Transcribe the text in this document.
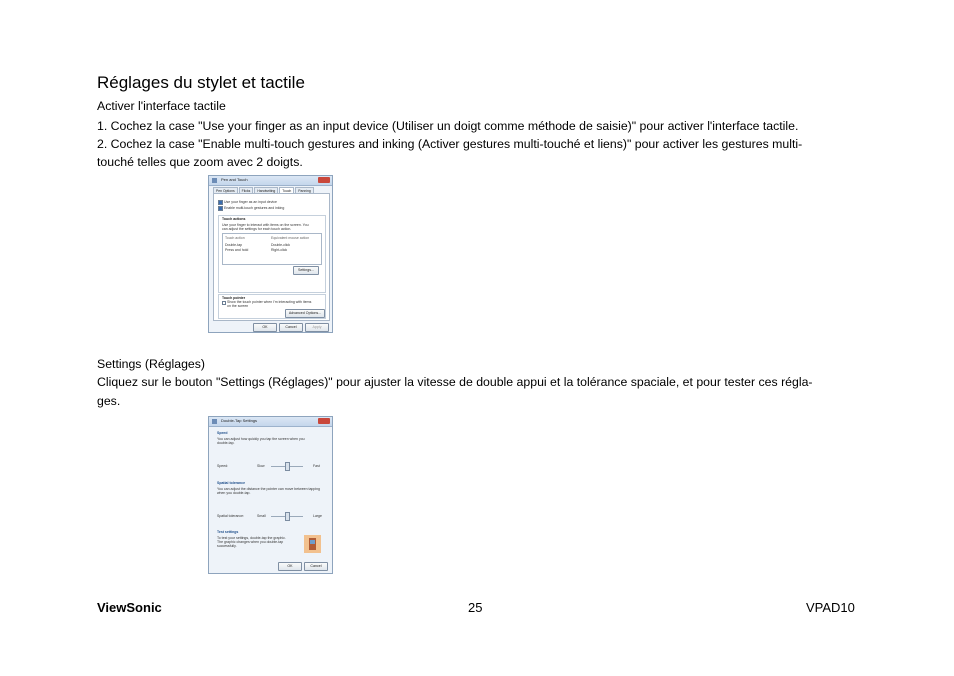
Réglages du stylet et tactile
Activer l'interface tactile
1. Cochez la case "Use your finger as an input device (Utiliser un doigt comme méthode de saisie)" pour activer l'interface tactile.
2. Cochez la case "Enable multi-touch gestures and inking (Activer gestures multi-touché et liens)" pour activer les gestures multi-
touché telles que zoom avec 2 doigts.
Pen and Touch
Pen Options	Flicks	Handwriting	Touch	Panning
Use your finger as an input device
Enable multi-touch gestures and inking
Touch actions
Use your finger to interact with items on the screen. You
can adjust the settings for each touch action.
Touch action	Equivalent mouse action
Double-tap	Double-click
Press and hold	Right-click
Settings...
Touch pointer
Show the touch pointer when I'm interacting with items
on the screen
Advanced Options...
OK	Cancel	Apply
Settings (Réglages)
Cliquez sur le bouton "Settings (Réglages)" pour ajuster la vitesse de double appui et la tolérance spaciale, et pour tester ces régla-
ges.
Double-Tap Settings
Speed
You can adjust how quickly you tap the screen when you
double-tap.
Speed:	Slow	Fast
Spatial tolerance
You can adjust the distance the pointer can move between tapping
when you double-tap.
Spatial tolerance:	Small	Large
Test settings
To test your settings, double-tap the graphic.
The graphic changes when you double-tap
successfully.
OK	Cancel
ViewSonic	25	VPAD10
